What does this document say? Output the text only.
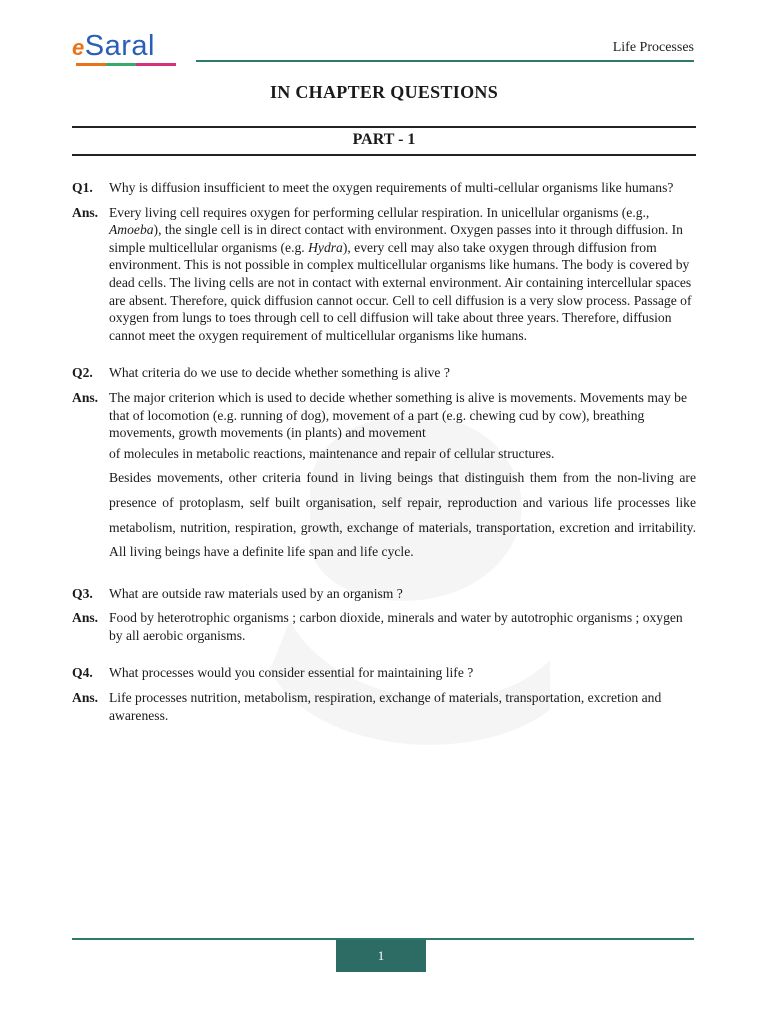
eSaral	Life Processes
IN CHAPTER QUESTIONS
PART - 1
Q1.	Why is diffusion insufficient to meet the oxygen requirements of multi-cellular organisms like humans?
Ans. Every living cell requires oxygen for performing cellular respiration. In unicellular organisms (e.g., Amoeba), the single cell is in direct contact with environment. Oxygen passes into it through diffusion. In simple multicellular organisms (e.g. Hydra), every cell may also take oxygen through diffusion from environment. This is not possible in complex multicellular organisms like humans. The body is covered by dead cells. The living cells are not in contact with external environment. Air containing intercellular spaces are absent. Therefore, quick diffusion cannot occur. Cell to cell diffusion is a very slow process. Passage of oxygen from lungs to toes through cell to cell diffusion will take about three years. Therefore, diffusion cannot meet the oxygen requirement of multicellular organisms like humans.
Q2.	What criteria do we use to decide whether something is alive ?
Ans. The major criterion which is used to decide whether something is alive is movements. Movements may be that of locomotion (e.g. running of dog), movement of a part (e.g. chewing cud by cow), breathing movements, growth movements (in plants) and movement
of molecules in metabolic reactions, maintenance and repair of cellular structures.
Besides movements, other criteria found in living beings that distinguish them from the non-living are presence of protoplasm, self built organisation, self repair, reproduction and various life processes like metabolism, nutrition, respiration, growth, exchange of materials, transportation, excretion and irritability. All living beings have a definite life span and life cycle.
Q3.	What are outside raw materials used by an organism ?
Ans. Food by heterotrophic organisms ; carbon dioxide, minerals and water by autotrophic organisms ; oxygen by all aerobic organisms.
Q4.	What processes would you consider essential for maintaining life ?
Ans. Life processes nutrition, metabolism, respiration, exchange of materials, transportation, excretion and awareness.
1
